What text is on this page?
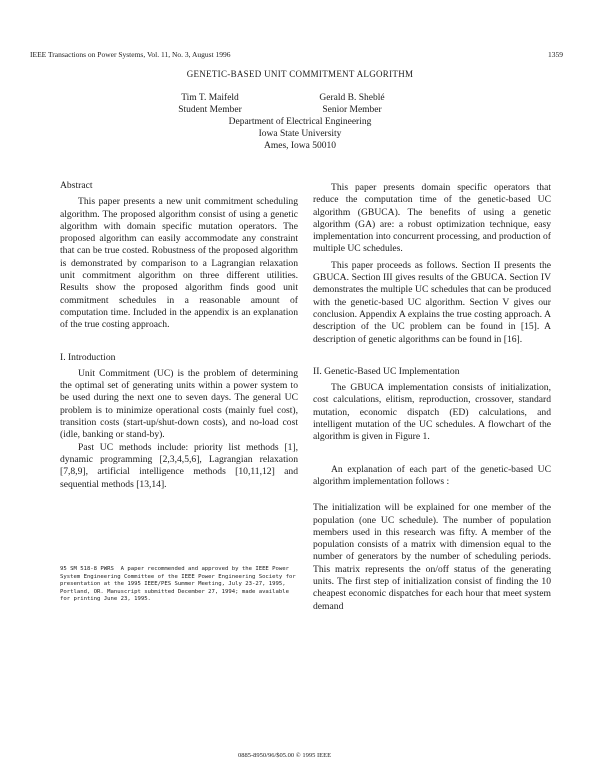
IEEE Transactions on Power Systems, Vol. 11, No. 3, August 1996	1359
GENETIC-BASED UNIT COMMITMENT ALGORITHM
Tim T. Maifeld
Student Member
Gerald B. Sheblé
Senior Member
Department of Electrical Engineering
Iowa State University
Ames, Iowa 50010

Abstract

This paper presents a new unit commitment scheduling algorithm. The proposed algorithm consist of using a genetic algorithm with domain specific mutation operators. The proposed algorithm can easily accommodate any constraint that can be true costed. Robustness of the proposed algorithm is demonstrated by comparison to a Lagrangian relaxation unit commitment algorithm on three different utilities. Results show the proposed algorithm finds good unit commitment schedules in a reasonable amount of computation time. Included in the appendix is an explanation of the true costing approach.

I. Introduction

Unit Commitment (UC) is the problem of determining the optimal set of generating units within a power system to be used during the next one to seven days. The general UC problem is to minimize operational costs (mainly fuel cost), transition costs (start-up/shut-down costs), and no-load cost (idle, banking or stand-by).

Past UC methods include: priority list methods [1], dynamic programming [2,3,4,5,6], Lagrangian relaxation [7,8,9], artificial intelligence methods [10,11,12] and sequential methods [13,14].

95 SM 518-8 PWRS  A paper recommended and approved by the IEEE Power System Engineering Committee of the IEEE Power Engineering Society for presentation at the 1995 IEEE/PES Summer Meeting, July 23-27, 1995, Portland, OR. Manuscript submitted December 27, 1994; made available for printing June 23, 1995.

This paper presents domain specific operators that reduce the computation time of the genetic-based UC algorithm (GBUCA). The benefits of using a genetic algorithm (GA) are: a robust optimization technique, easy implementation into concurrent processing, and production of multiple UC schedules.

This paper proceeds as follows. Section II presents the GBUCA. Section III gives results of the GBUCA. Section IV demonstrates the multiple UC schedules that can be produced with the genetic-based UC algorithm. Section V gives our conclusion. Appendix A explains the true costing approach. A description of the UC problem can be found in [15]. A description of genetic algorithms can be found in [16].

II. Genetic-Based UC Implementation

The GBUCA implementation consists of initialization, cost calculations, elitism, reproduction, crossover, standard mutation, economic dispatch (ED) calculations, and intelligent mutation of the UC schedules. A flowchart of the algorithm is given in Figure 1.

An explanation of each part of the genetic-based UC algorithm implementation follows :

The initialization will be explained for one member of the population (one UC schedule). The number of population members used in this research was fifty. A member of the population consists of a matrix with dimension equal to the number of generators by the number of scheduling periods. This matrix represents the on/off status of the generating units. The first step of initialization consist of finding the 10 cheapest economic dispatches for each hour that meet system demand

0885-8950/96/$05.00 © 1995 IEEE
